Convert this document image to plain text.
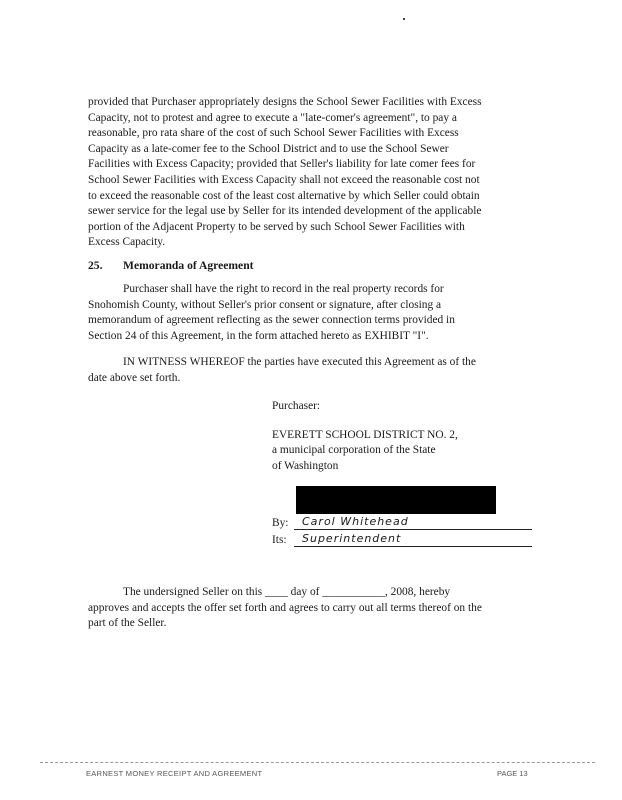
provided that Purchaser appropriately designs the School Sewer Facilities with Excess
Capacity, not to protest and agree to execute a "late-comer's agreement", to pay a
reasonable, pro rata share of the cost of such School Sewer Facilities with Excess
Capacity as a late-comer fee to the School District and to use the School Sewer
Facilities with Excess Capacity; provided that Seller's liability for late comer fees for
School Sewer Facilities with Excess Capacity shall not exceed the reasonable cost not
to exceed the reasonable cost of the least cost alternative by which Seller could obtain
sewer service for the legal use by Seller for its intended development of the applicable
portion of the Adjacent Property to be served by such School Sewer Facilities with
Excess Capacity.

25. Memoranda of Agreement

Purchaser shall have the right to record in the real property records for
Snohomish County, without Seller's prior consent or signature, after closing a
memorandum of agreement reflecting as the sewer connection terms provided in
Section 24 of this Agreement, in the form attached hereto as EXHIBIT "I".

IN WITNESS WHEREOF the parties have executed this Agreement as of the
date above set forth.

Purchaser:
EVERETT SCHOOL DISTRICT NO. 2,
a municipal corporation of the State
of Washington
By: Carol Whitehead
Its: Superintendent

The undersigned Seller on this ____ day of ___________, 2008, hereby
approves and accepts the offer set forth and agrees to carry out all terms thereof on the
part of the Seller.

EARNEST MONEY RECEIPT AND AGREEMENT	PAGE 13
